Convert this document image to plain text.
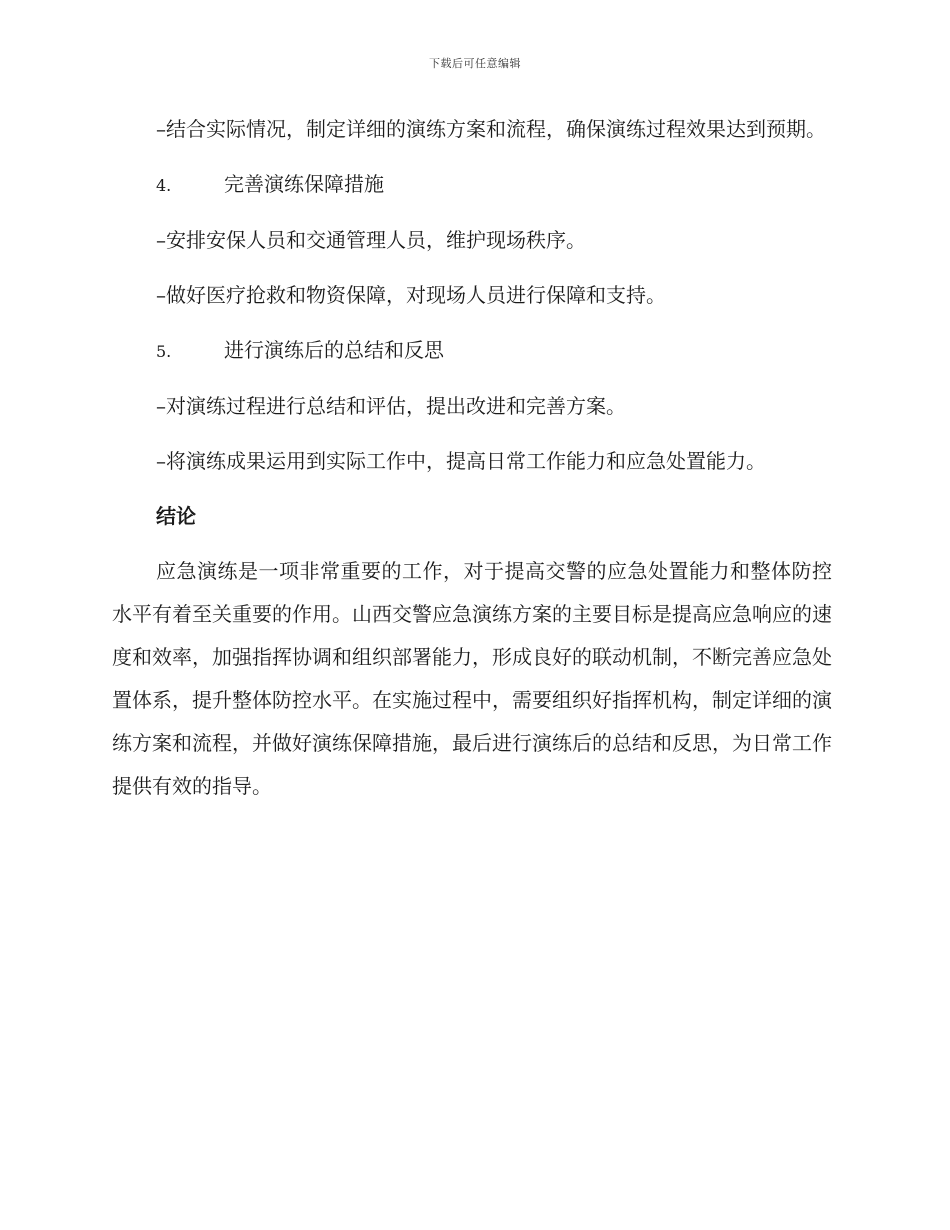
下载后可任意编辑

–结合实际情况，制定详细的演练方案和流程，确保演练过程效果达到预期。

4.	完善演练保障措施

–安排安保人员和交通管理人员，维护现场秩序。

–做好医疗抢救和物资保障，对现场人员进行保障和支持。

5.	进行演练后的总结和反思

–对演练过程进行总结和评估，提出改进和完善方案。

–将演练成果运用到实际工作中，提高日常工作能力和应急处置能力。

结论

应急演练是一项非常重要的工作，对于提高交警的应急处置能力和整体防控水平有着至关重要的作用。山西交警应急演练方案的主要目标是提高应急响应的速度和效率，加强指挥协调和组织部署能力，形成良好的联动机制，不断完善应急处置体系，提升整体防控水平。在实施过程中，需要组织好指挥机构，制定详细的演练方案和流程，并做好演练保障措施，最后进行演练后的总结和反思，为日常工作提供有效的指导。
